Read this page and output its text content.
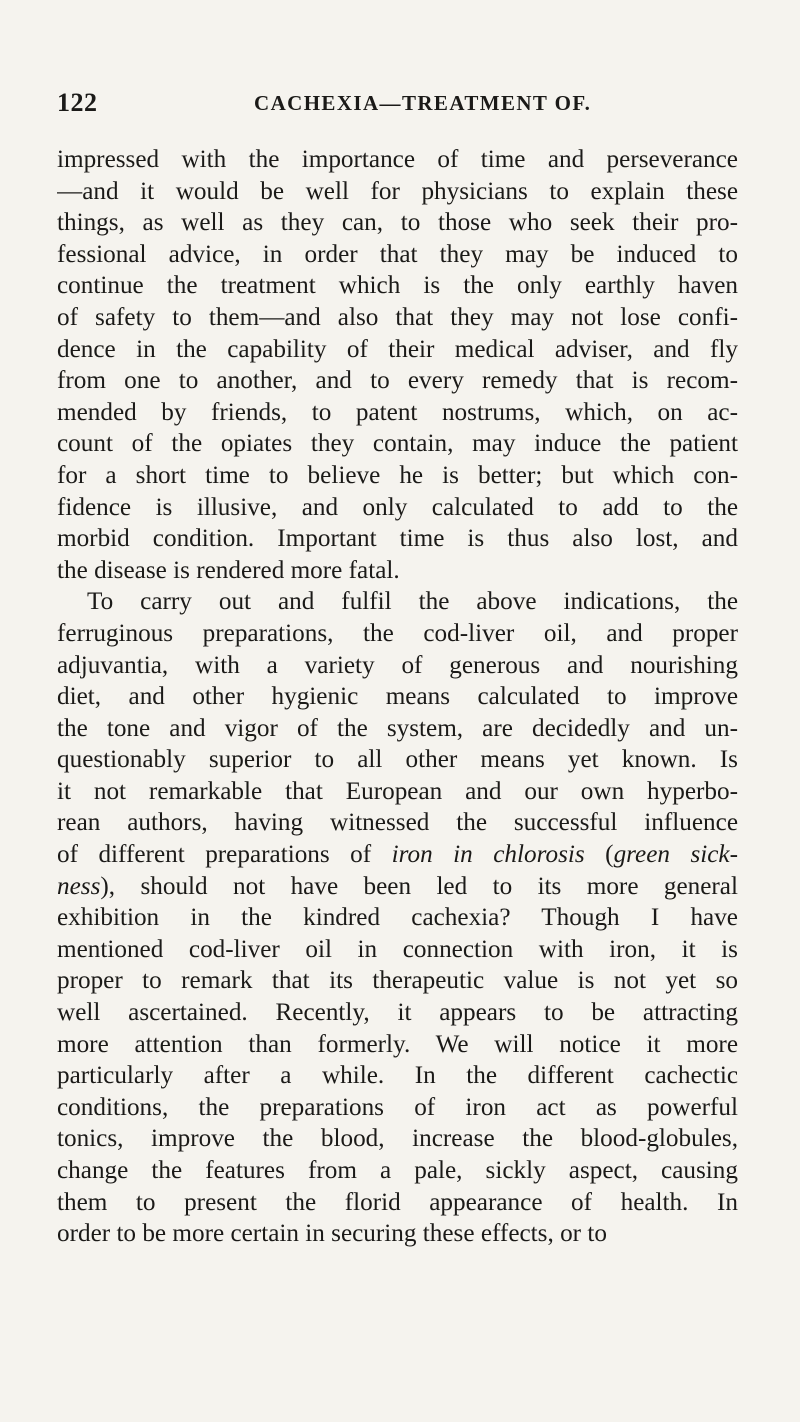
122	CACHEXIA—TREATMENT OF.
impressed with the importance of time and perseverance
—and it would be well for physicians to explain these
things, as well as they can, to those who seek their pro-
fessional advice, in order that they may be induced to
continue the treatment which is the only earthly haven
of safety to them—and also that they may not lose confi-
dence in the capability of their medical adviser, and fly
from one to another, and to every remedy that is recom-
mended by friends, to patent nostrums, which, on ac-
count of the opiates they contain, may induce the patient
for a short time to believe he is better; but which con-
fidence is illusive, and only calculated to add to the
morbid condition. Important time is thus also lost, and
the disease is rendered more fatal.
To carry out and fulfil the above indications, the
ferruginous preparations, the cod-liver oil, and proper
adjuvantia, with a variety of generous and nourishing
diet, and other hygienic means calculated to improve
the tone and vigor of the system, are decidedly and un-
questionably superior to all other means yet known. Is
it not remarkable that European and our own hyperbo-
rean authors, having witnessed the successful influence
of different preparations of iron in chlorosis (green sick-
ness), should not have been led to its more general
exhibition in the kindred cachexia? Though I have
mentioned cod-liver oil in connection with iron, it is
proper to remark that its therapeutic value is not yet so
well ascertained. Recently, it appears to be attracting
more attention than formerly. We will notice it more
particularly after a while. In the different cachectic
conditions, the preparations of iron act as powerful
tonics, improve the blood, increase the blood-globules,
change the features from a pale, sickly aspect, causing
them to present the florid appearance of health. In
order to be more certain in securing these effects, or to
